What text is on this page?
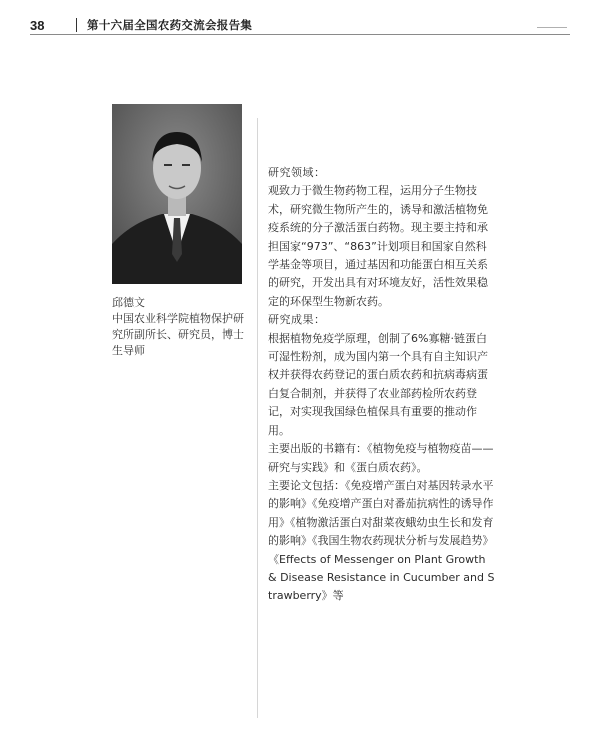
38	第十六届全国农药交流会报告集

邱德文

中国农业科学院植物保护研究所副所长、研究员，博士生导师

研究领域：

观致力于微生物药物工程，运用分子生物技术，研究微生物所产生的，诱导和激活植物免疫系统的分子激活蛋白药物。现主要主持和承担国家“973”、“863”计划项目和国家自然科学基金等项目，通过基因和功能蛋白相互关系的研究，开发出具有对环境友好，活性效果稳定的环保型生物新农药。

研究成果：

根据植物免疫学原理，创制了6%寡糖·链蛋白可湿性粉剂，成为国内第一个具有自主知识产权并获得农药登记的蛋白质农药和抗病毒病蛋白复合制剂，并获得了农业部药检所农药登记，对实现我国绿色植保具有重要的推动作用。

主要出版的书籍有：《植物免疫与植物疫苗——研究与实践》和《蛋白质农药》。

主要论文包括：《免疫增产蛋白对基因转录水平的影响》《免疫增产蛋白对番茄抗病性的诱导作用》《植物激活蛋白对甜菜夜蛾幼虫生长和发育的影响》《我国生物农药现状分析与发展趋势》《Effects of Messenger on Plant Growth & Disease Resistance in Cucumber and Strawberry》等
